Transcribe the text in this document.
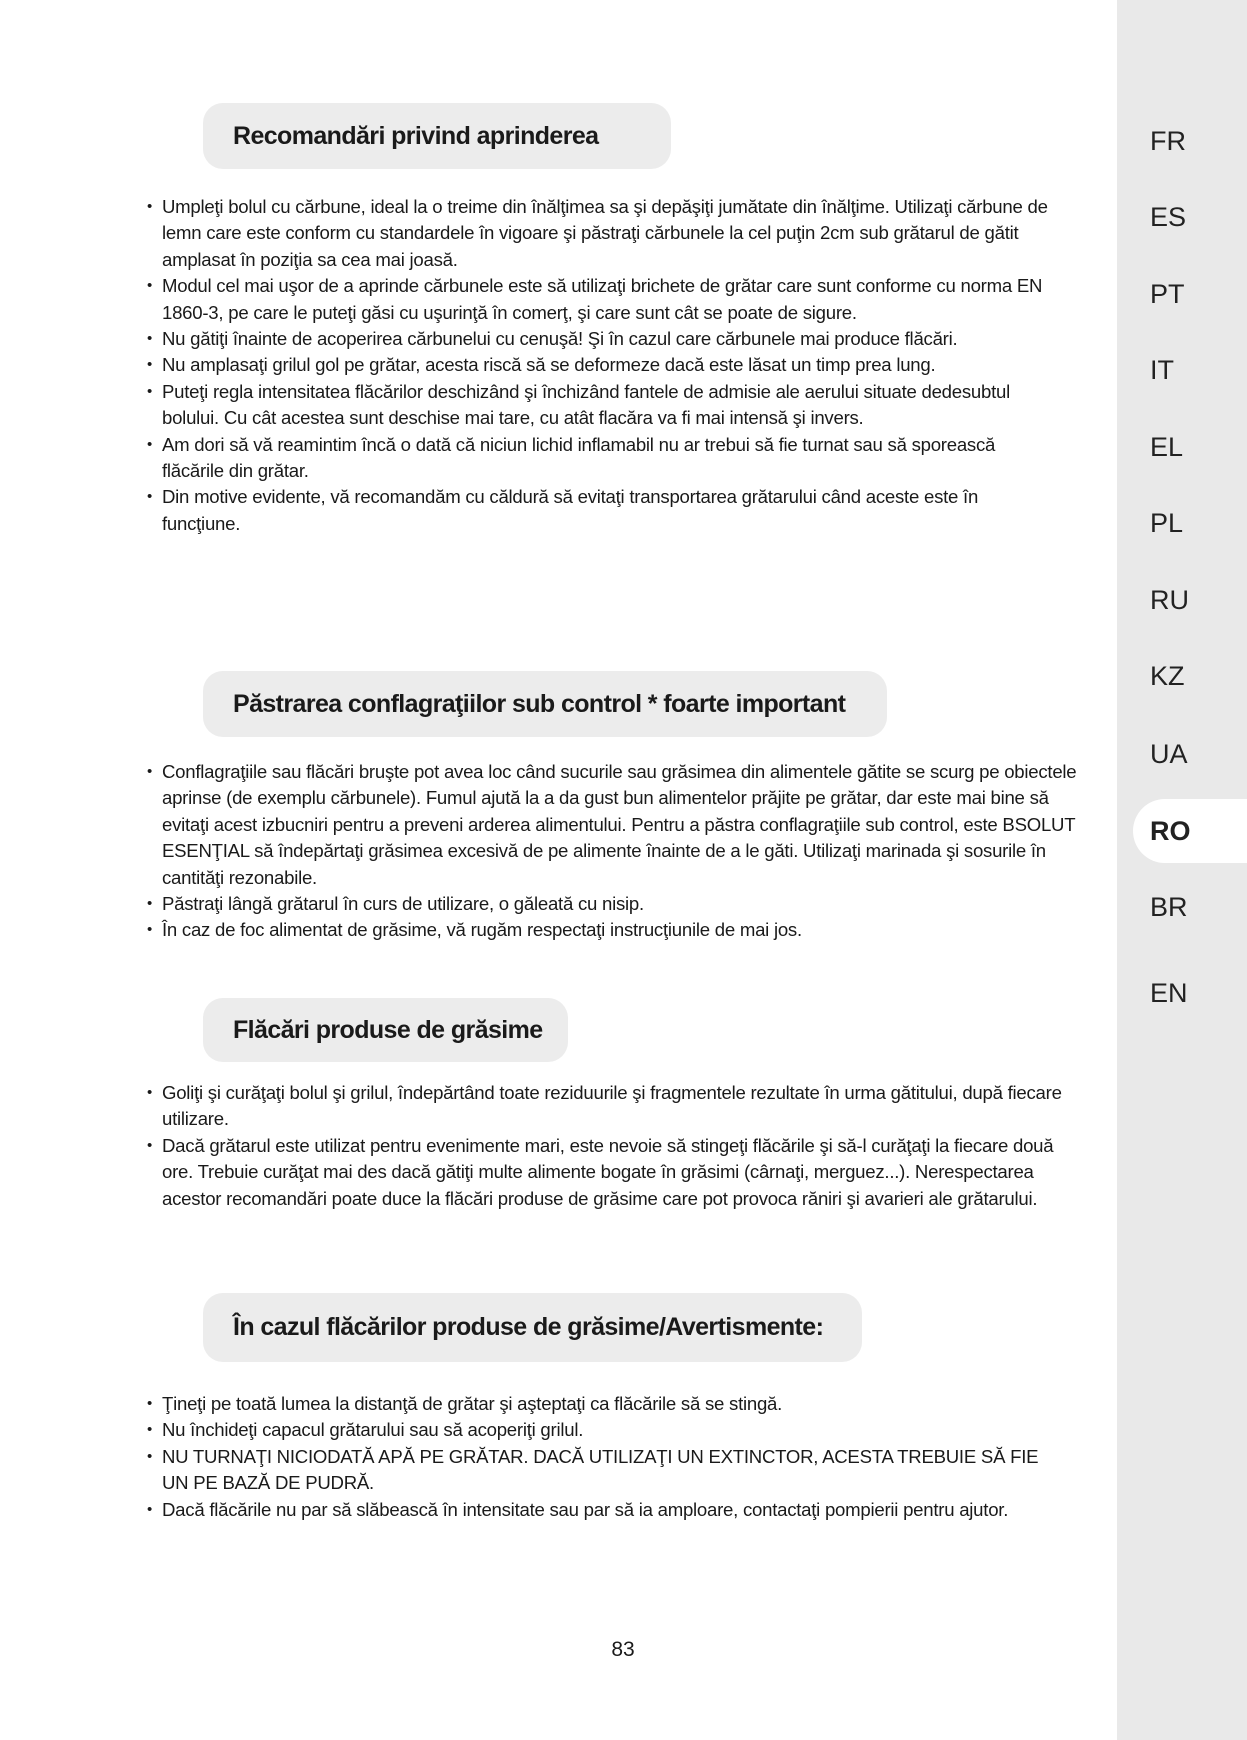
Recomandări privind aprinderea
• Umpleţi bolul cu cărbune, ideal la o treime din înălţimea sa şi depăşiţi jumătate din înălţime. Utilizaţi cărbune de lemn care este conform cu standardele în vigoare şi păstraţi cărbunele la cel puţin 2cm sub grătarul de gătit amplasat în poziţia sa cea mai joasă.
• Modul cel mai uşor de a aprinde cărbunele este să utilizaţi brichete de grătar care sunt conforme cu norma EN 1860-3, pe care le puteţi găsi cu uşurinţă în comerţ, şi care sunt cât se poate de sigure.
• Nu gătiţi înainte de acoperirea cărbunelui cu cenuşă! Şi în cazul care cărbunele mai produce flăcări.
• Nu amplasaţi grilul gol pe grătar, acesta riscă să se deformeze dacă este lăsat un timp prea lung.
• Puteţi regla intensitatea flăcărilor deschizând şi închizând fantele de admisie ale aerului situate dedesubtul bolului. Cu cât acestea sunt deschise mai tare, cu atât flacăra va fi mai intensă şi invers.
• Am dori să vă reamintim încă o dată că niciun lichid inflamabil nu ar trebui să fie turnat sau să sporească flăcările din grătar.
• Din motive evidente, vă recomandăm cu căldură să evitaţi transportarea grătarului când aceste este în funcţiune.
Păstrarea conflagraţiilor sub control * foarte important
• Conflagraţiile sau flăcări bruşte pot avea loc când sucurile sau grăsimea din alimentele gătite se scurg pe obiectele aprinse (de exemplu cărbunele). Fumul ajută la a da gust bun alimentelor prăjite pe grătar, dar este mai bine să evitaţi acest izbucniri pentru a preveni arderea alimentului. Pentru a păstra conflagraţiile sub control, este BSOLUT ESENŢIAL să îndepărtaţi grăsimea excesivă de pe alimente înainte de a le găti. Utilizaţi marinada şi sosurile în cantităţi rezonabile.
• Păstraţi lângă grătarul în curs de utilizare, o găleată cu nisip.
• În caz de foc alimentat de grăsime, vă rugăm respectaţi instrucţiunile de mai jos.
Flăcări produse de grăsime
• Goliţi şi curăţaţi bolul şi grilul, îndepărtând toate reziduurile şi fragmentele rezultate în urma gătitului, după fiecare utilizare.
• Dacă grătarul este utilizat pentru evenimente mari, este nevoie să stingeţi flăcările şi să-l curăţaţi la fiecare două ore. Trebuie curăţat mai des dacă gătiţi multe alimente bogate în grăsimi (cârnaţi, merguez...). Nerespectarea acestor recomandări poate duce la flăcări produse de grăsime care pot provoca răniri şi avarieri ale grătarului.
În cazul flăcărilor produse de grăsime/Avertismente:
• Ţineţi pe toată lumea la distanţă de grătar şi aşteptaţi ca flăcările să se stingă.
• Nu închideţi capacul grătarului sau să acoperiţi grilul.
• NU TURNAŢI NICIODATĂ APĂ PE GRĂTAR. DACĂ UTILIZAŢI UN EXTINCTOR, ACESTA TREBUIE SĂ FIE UN PE BAZĂ DE PUDRĂ.
• Dacă flăcările nu par să slăbească în intensitate sau par să ia amploare, contactaţi pompierii pentru ajutor.
83
FR
ES
PT
IT
EL
PL
RU
KZ
UA
RO
BR
EN
